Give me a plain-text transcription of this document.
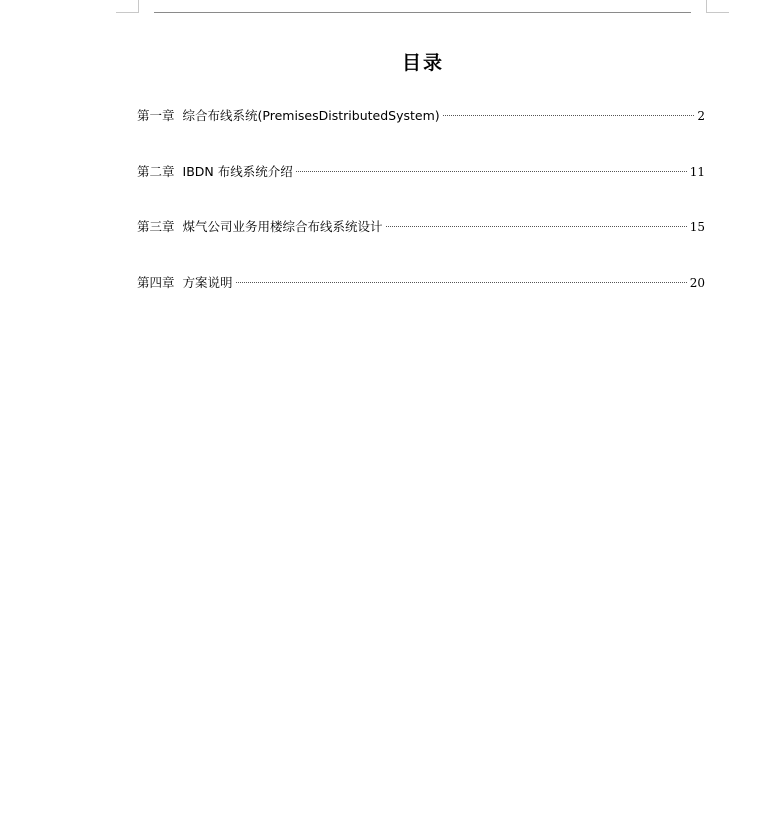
目录
第一章 综合布线系统(PremisesDistributedSystem)	2
第二章 IBDN 布线系统介绍	11
第三章 煤气公司业务用楼综合布线系统设计	15
第四章 方案说明	20
